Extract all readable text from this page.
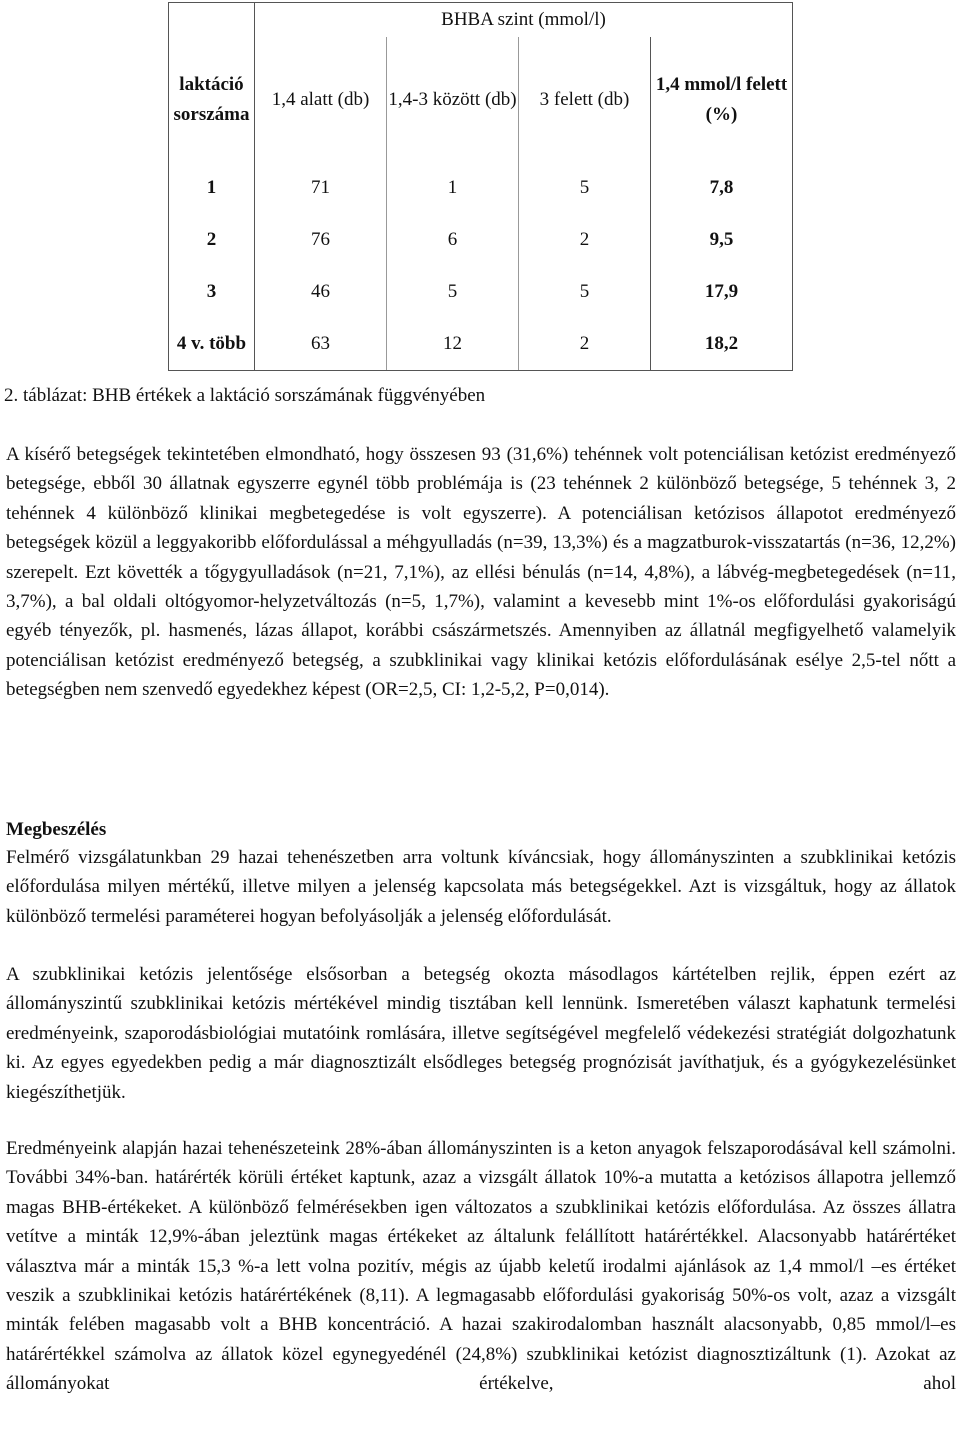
	BHBA szint (mmol/l)			

laktáció sorszáma	1,4 alatt (db)	1,4-3 között (db)	3 felett (db)	1,4 mmol/l felett (%)

1	71	1	5	7,8
2	76	6	2	9,5
3	46	5	5	17,9
4 v. több	63	12	2	18,2
2. táblázat: BHB értékek a laktáció sorszámának függvényében

A kísérő betegségek tekintetében elmondható, hogy összesen 93 (31,6%) tehénnek volt potenciálisan ketózist eredményező betegsége, ebből 30 állatnak egyszerre egynél több problémája is (23 tehénnek 2 különböző betegsége, 5 tehénnek 3, 2 tehénnek 4 különböző klinikai megbetegedése is volt egyszerre). A potenciálisan ketózisos állapotot eredményező betegségek közül a leggyakoribb előfordulással a méhgyulladás (n=39, 13,3%) és a magzatburok-visszatartás (n=36, 12,2%) szerepelt. Ezt követték a tőgygyulladások (n=21, 7,1%), az ellési bénulás (n=14, 4,8%), a lábvég-megbetegedések (n=11, 3,7%), a bal oldali oltógyomor-helyzetváltozás (n=5, 1,7%), valamint a kevesebb mint 1%-os előfordulási gyakoriságú egyéb tényezők, pl. hasmenés, lázas állapot, korábbi császármetszés. Amennyiben az állatnál megfigyelhető valamelyik potenciálisan ketózist eredményező betegség, a szubklinikai vagy klinikai ketózis előfordulásának esélye 2,5-tel nőtt a betegségben nem szenvedő egyedekhez képest (OR=2,5, CI: 1,2-5,2, P=0,014).

Megbeszélés

Felmérő vizsgálatunkban 29 hazai tehenészetben arra voltunk kíváncsiak, hogy állományszinten a szubklinikai ketózis előfordulása milyen mértékű, illetve milyen a jelenség kapcsolata más betegségekkel. Azt is vizsgáltuk, hogy az állatok különböző termelési paraméterei hogyan befolyásolják a jelenség előfordulását.

A szubklinikai ketózis jelentősége elsősorban a betegség okozta másodlagos kártételben rejlik, éppen ezért az állományszintű szubklinikai ketózis mértékével mindig tisztában kell lennünk. Ismeretében választ kaphatunk termelési eredményeink, szaporodásbiológiai mutatóink romlására, illetve segítségével megfelelő védekezési stratégiát dolgozhatunk ki. Az egyes egyedekben pedig a már diagnosztizált elsődleges betegség prognózisát javíthatjuk, és a gyógykezelésünket kiegészíthetjük.

Eredményeink alapján hazai tehenészeteink 28%-ában állományszinten is a keton anyagok felszaporodásával kell számolni. További 34%-ban. határérték körüli értéket kaptunk, azaz a vizsgált állatok 10%-a mutatta a ketózisos állapotra jellemző magas BHB-értékeket. A különböző felmérésekben igen változatos a szubklinikai ketózis előfordulása. Az összes állatra vetítve a minták 12,9%-ában jeleztünk magas értékeket az általunk felállított határértékkel. Alacsonyabb határértéket választva már a minták 15,3 %-a lett volna pozitív, mégis az újabb keletű irodalmi ajánlások az 1,4 mmol/l –es értéket veszik a szubklinikai ketózis határértékének (8,11). A legmagasabb előfordulási gyakoriság 50%-os volt, azaz a vizsgált minták felében magasabb volt a BHB koncentráció. A hazai szakirodalomban használt alacsonyabb, 0,85 mmol/l–es határértékkel számolva az állatok közel egynegyedénél (24,8%) szubklinikai ketózist diagnosztizáltunk (1). Azokat az állományokat értékelve, ahol
